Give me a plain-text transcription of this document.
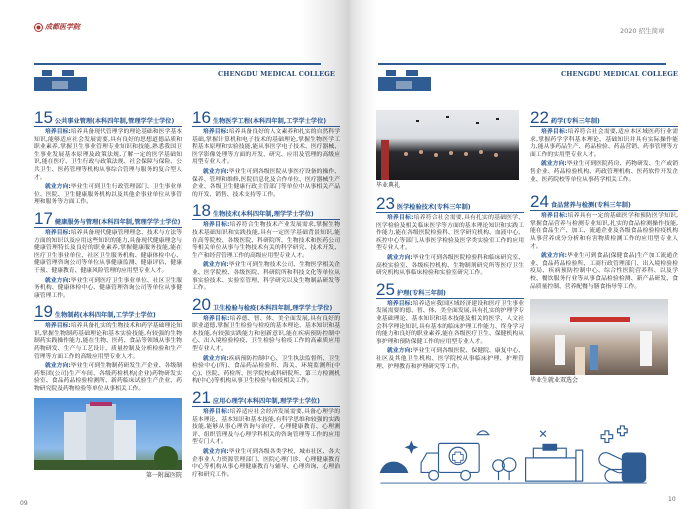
成都医学院
CHENGDU MEDICAL COLLEGE
15 公共事业管理(本科四年制,管理学学士学位)

培养目标:培养具备现代管理学的理论基础和医学基本知识,能够适应社会发展需要,具有良好的思想道德品质和职业素养,掌握卫生事业管理专业知识和技能,熟悉我国卫生事业发展基本原理及政策法规,了解一定的医学基础知识,能在医疗、卫生行政与政策法规、社会保障与保险、公共卫生、医药管理等机构从事综合管理与服务的复合型人才。

就业方向:毕业生可到卫生行政管理部门、卫生事业单位、医院、卫生健康服务机构以及其他企事业单位从事管理和服务等方面工作。

17 健康服务与管理(本科四年制,管理学学士学位)

培养目标:培养具备现代健康管理理念、技术与方法等方面的知识以及应用这些知识的能力,具备现代健康理念与健康管理特长及良好的职业素养,掌握健康服务技能,能在医疗卫生事业单位、社区卫生服务机构、健康体检中心、健康管理咨询公司等单位从事健康监测、健康评估、健康干预、健康教育、健康风险管理的应用型专业人才。

就业方向:毕业生可到医疗卫生事业单位、社区卫生服务机构、健康体检中心、健康管理咨询公司等单位从事健康管理工作。

19 生物制药(本科四年制,工学学士学位)

培养目标:培养具备扎实的生物技术和药学基础理论知识,掌握生物制药基础理论和基本实验技能,有较强的生物制药实践操作能力,能在生物、医药、食品等领域从事生物药物研发、生产与工艺设计、质量控制及分析检验和生产管理等方面工作的高级应用型专业人才。

就业方向:毕业生可到生物制药研发生产企业、各级制药集团(公司)生产车间、各级药检机构(企业)药物研发实验室、食品药品检验检测所、新药临床试验生产企业、药物研究院及药物检验等单位从事相关工作。

第一附属医院
09
16 生物医学工程(本科四年制,工学学士学位)

培养目标:培养具备良好的人文素养和扎实的自然科学基础,掌握计算机和电子技术的基础理论,掌握生物医学工程基本原理和实验技能,能从事医学电子技术、医疗器械、医学影像处理等方面的开发、研究、应用及管理的高级应用型专业人才。

就业方向:毕业生可到各级医院从事医疗设备的操作、保养、管理和维修,医院信息化及合作单位、医疗器械生产企业、各级卫生健康行政主管部门等单位中从事相关产品的开发、销售、技术支持等工作。

18 生物技术(本科四年制,理学学士学位)

培养目标:培养符合生物技术产业发展需求,掌握生物技术基础知识和实践技能,具有一定医学基础背景知识,能在高等院校、各级医院、科研院所、生物技术和医药公司等相关单位从事与生物技术有关的科学研究、技术开发、生产和经营管理工作的高级应用型专业人才。

就业方向:毕业生可到生物技术公司、生物医学相关企业、医学院校、各级医院、科研院所和科技文化等单位从事实验技术、实验室管理、科学研究以及生物制品研发等工作。

20 卫生检验与检疫(本科四年制,理学学士学位)

培养目标:培养德、智、体、美全面发展,具有良好的职业道德,掌握卫生检验与检疫的基本理论、基本知识和基本技能,有较强实践能力和创新意识,能在疾病预防控制中心、出入境检验检疫、卫生检验与检疫工作的高素质应用型专业人才。

就业方向:疾病预防控制中心、卫生执法监督所、卫生检验中心(所)、食品药品检验所、海关、环境监测所(中心)、医院、药检所、医学院校或科研院所、第三方检测机构(中心)等机构从事卫生检验与检疫相关工作。

21 应用心理学(本科四年制,理学学士学位)

培养目标:培养适应社会经济发展需要,具备心理学的基本理论、基本知识和基本技能,有科学思维和较强的实践技能,能够从事心理咨询与治疗、心理健康教育、心理测评、组织管理及与心理学科相关的咨询管理等工作的应用型专门人才。

就业方向:毕业生可到各级各类学校、城市社区、各大企事业人力资源管理部门、医院心理门诊、心理健康教育中心等机构从事心理健康教育与辅导、心理咨询、心理治疗和研究工作。

2020 招生简章
CHENGDU MEDICAL COLLEGE
毕业典礼
23 医学检验技术(专科三年制)

培养目标:培养符合社会需要,具有扎实的基础医学、医学检验及相关临床医学等方面的基本理论知识和实践工作能力,能在各级医院检验科、医学研究机构、血液中心、疾控中心等部门,从事医学检验及医学类实验室工作的应用型专业人才。

就业方向:毕业生可到各级医院检验科和临床研究室、高校实验室、各级疾控机构、生物制剂研究所等医疗卫生研究机构从事临床检验和实验室研究工作。

25 护理(专科三年制)

培养目标:培养适应我国区域经济建设和医疗卫生事业发展需要的德、智、体、美全面发展,具有扎实的护理学专业基础理论、基本知识和基本技能及相关的医学、人文社会科学理论知识,具有基本的临床护理工作能力、终身学习的能力和良好的职业素养,能在各级医疗卫生、保健机构从事护理和预防保健工作的应用型专业人才。

就业方向:毕业生可到各级医院、保健院、康复中心、社区及其他卫生机构、医学院校从事临床护理、护理管理、护理教育和护理研究等工作。

22 药学(专科三年制)

培养目标:培养符合社会需要,适应本区域医药行业需求,掌握药学学科基本理论、基础知识并具有实际操作能力,能从事药品生产、药品检验、药品营销、药事管理等方面工作的实用型专业人才。

就业方向:毕业生可到医院药房、药物研发、生产或销售企业、药品检验机构、药政管理机构、医药软件开发企业、医药院校等单位从事药学相关工作。

24 食品营养与检测(专科三年制)

培养目标:培养具有一定的基础医学和预防医学知识,掌握食品营养与检测专业知识,扎实的食品检测操作技能,能在食品生产、加工、流通企业及各级食品检验检疫机构从事营养成分分析和有害物质检测工作的应用型专业人才。

就业方向:毕业生可到食品(保健食品)生产加工流通企业、食品药品检验所、工商行政管理部门、出入境检验检疫局、疾病预防控制中心、综合性医院营养科、以及学校、餐饮服务行业等从事食品检验检测、新产品研发、食品质量控制、营养配餐与膳食指导等工作。

毕业生就业双选会
10
